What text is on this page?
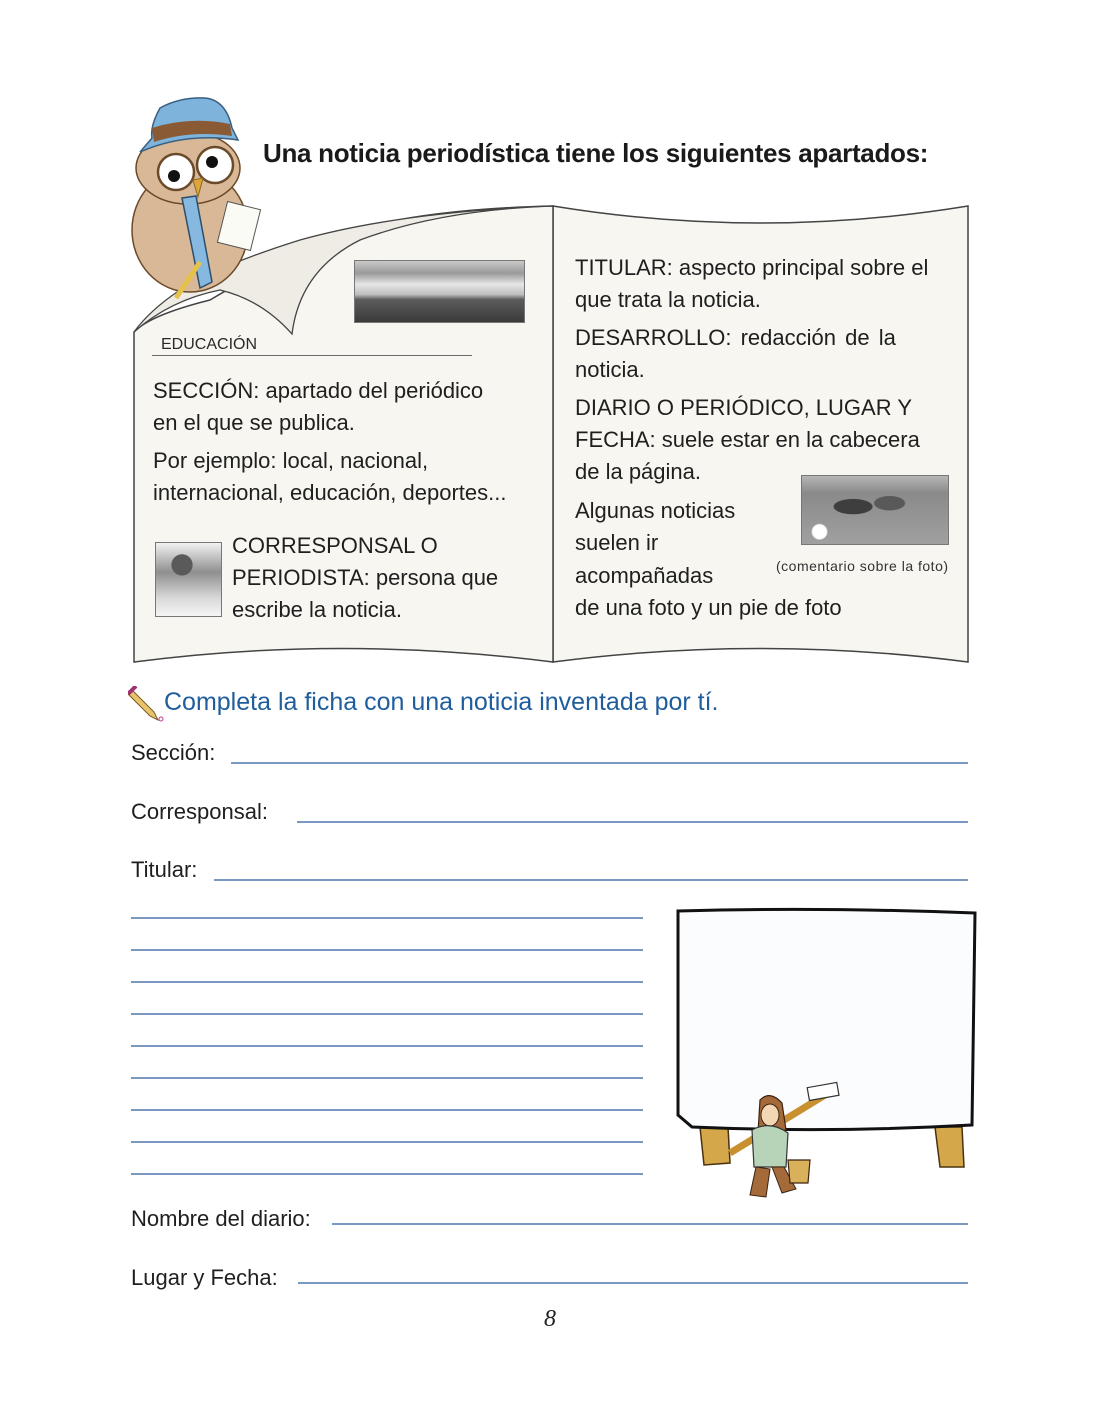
Una noticia periodística tiene los siguientes apartados:
EDUCACIÓN
SECCIÓN: apartado del periódico
en el que se publica.
Por ejemplo: local, nacional,
internacional, educación, deportes...
CORRESPONSAL O
PERIODISTA: persona que
escribe la noticia.
TITULAR: aspecto principal sobre el
que trata la noticia.
DESARROLLO: redacción de la
noticia.
DIARIO O PERIÓDICO, LUGAR Y
FECHA: suele estar en la cabecera
de la página.
Algunas noticias
suelen ir
acompañadas
de una foto y un pie de foto
(comentario sobre la foto)
Completa la ficha con una noticia inventada por tí.
Sección:
Corresponsal:
Titular:
Nombre del diario:
Lugar y Fecha:
8
